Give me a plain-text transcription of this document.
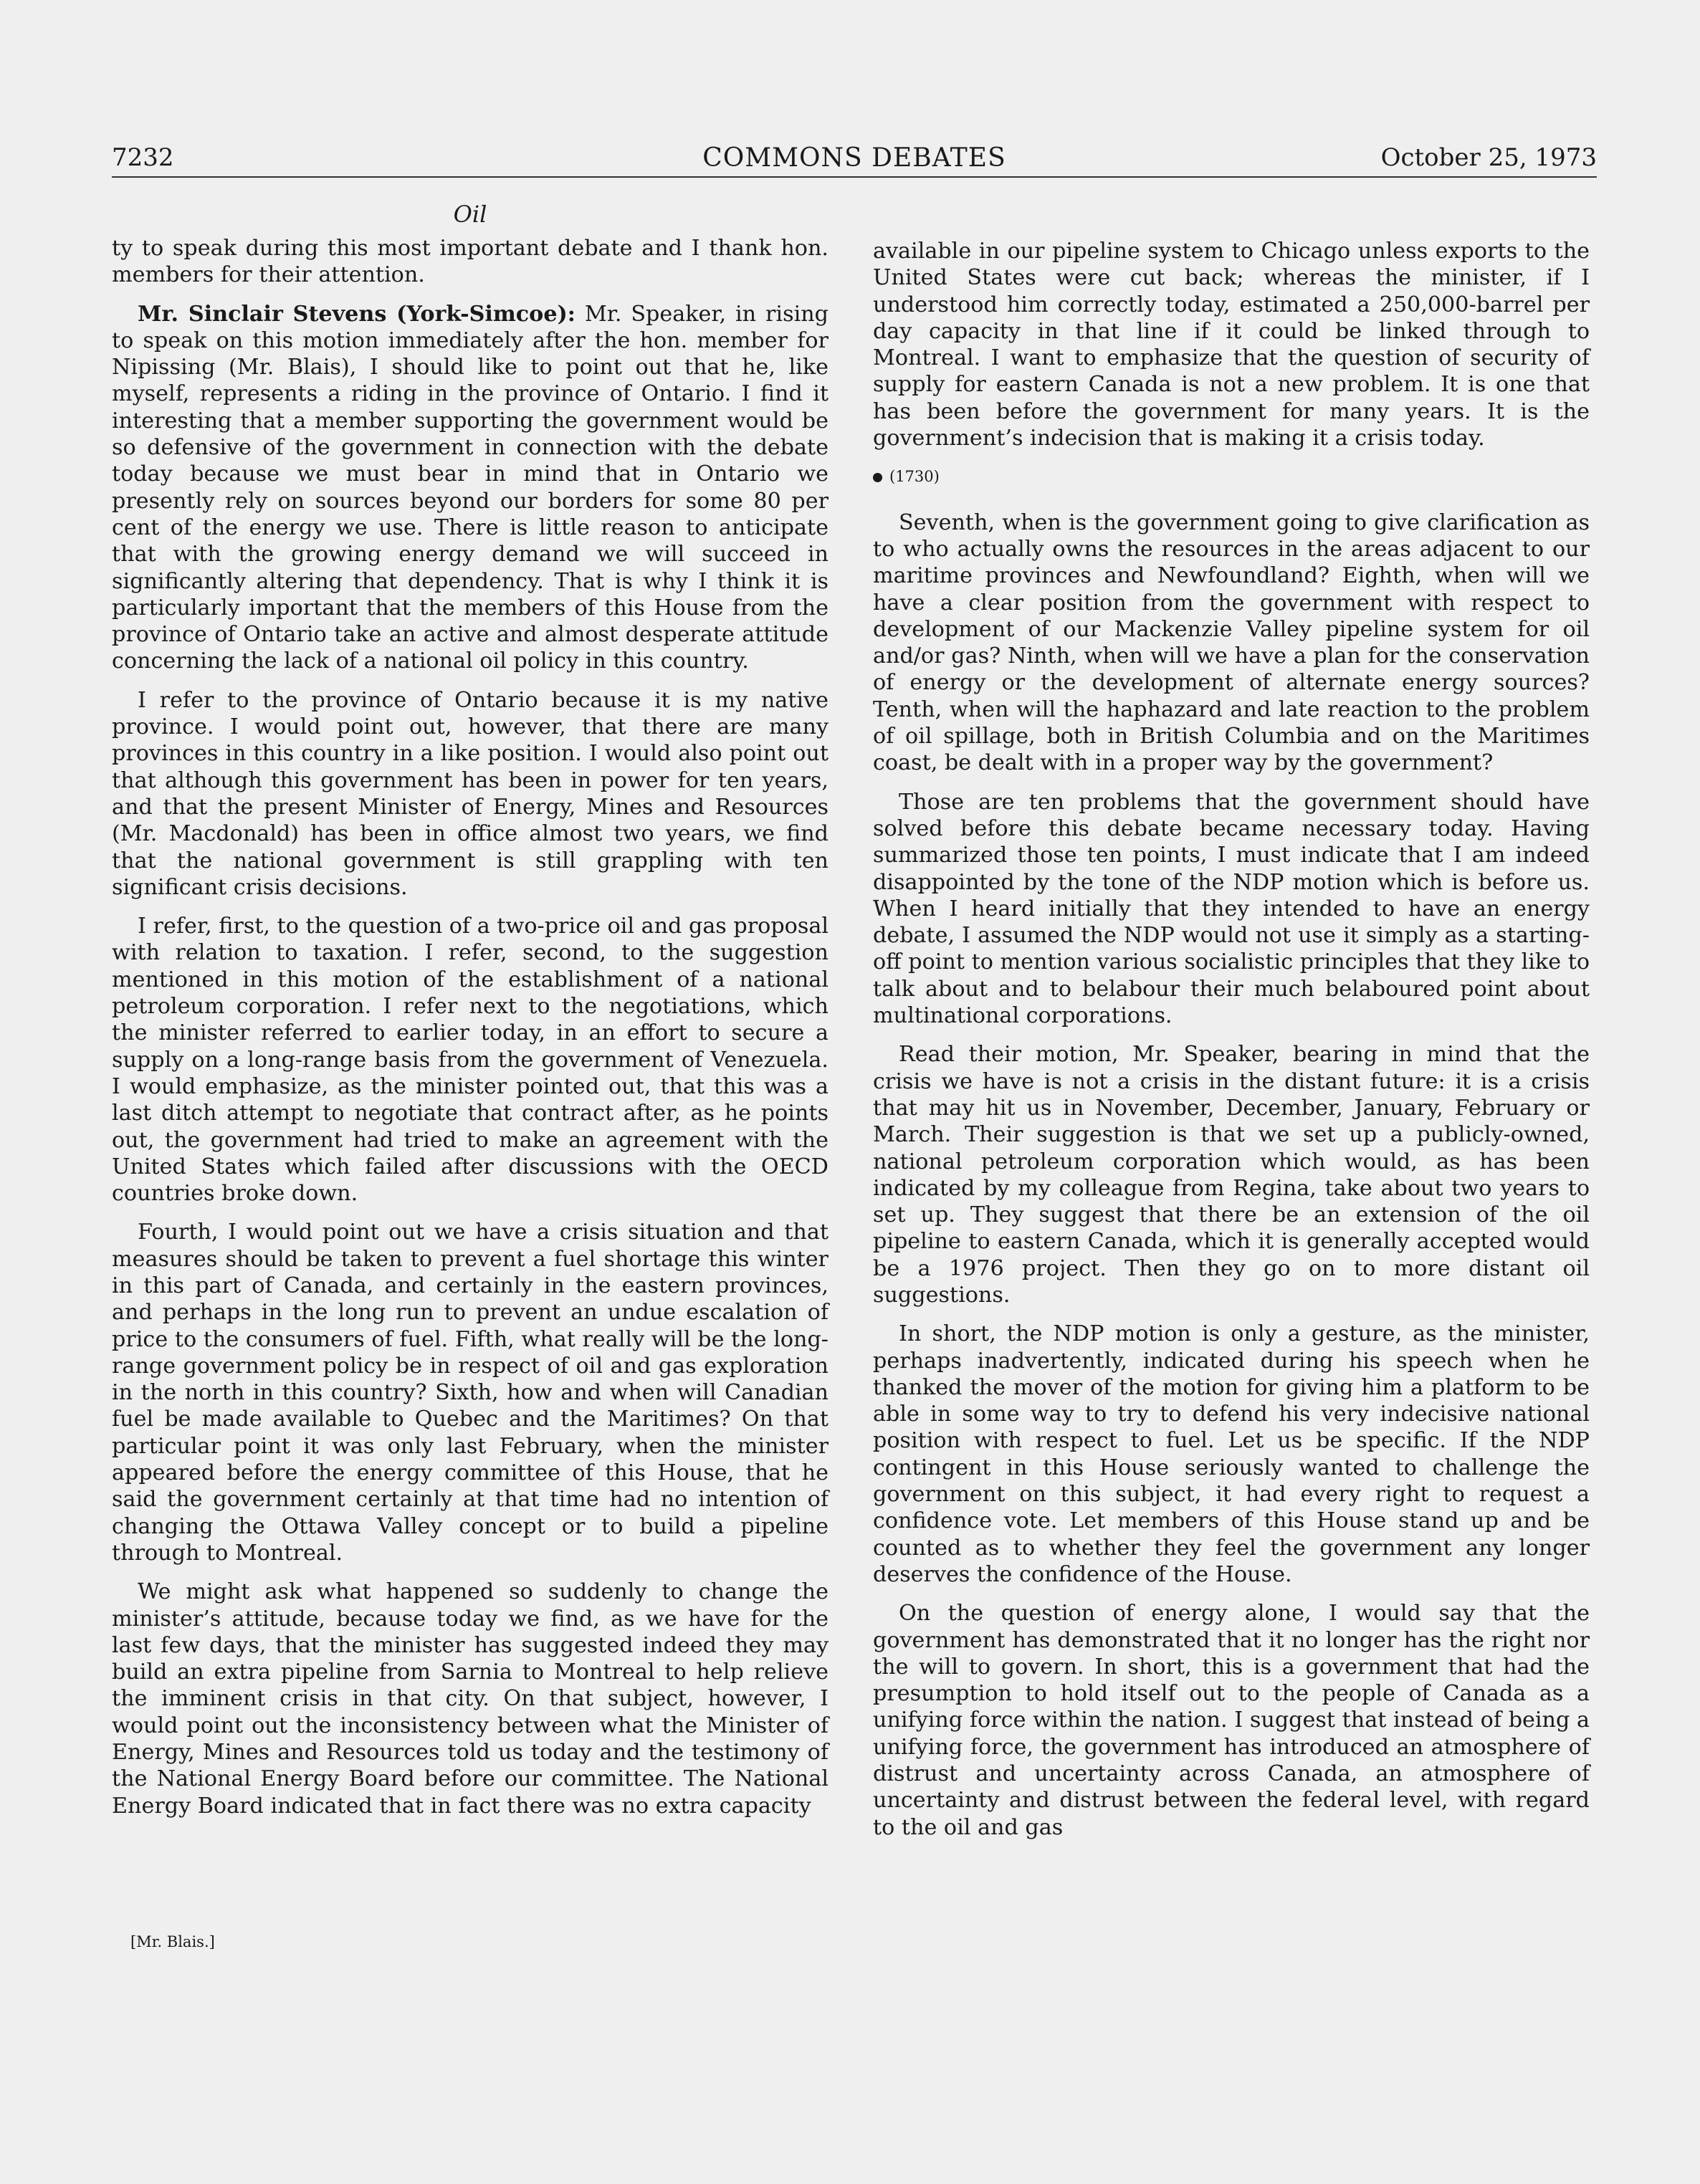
7232	COMMONS DEBATES	October 25, 1973
Oil

ty to speak during this most important debate and I thank hon. members for their attention.

Mr. Sinclair Stevens (York-Simcoe): Mr. Speaker, in rising to speak on this motion immediately after the hon. member for Nipissing (Mr. Blais), I should like to point out that he, like myself, represents a riding in the province of Ontario. I find it interesting that a member supporting the government would be so defensive of the government in connection with the debate today because we must bear in mind that in Ontario we presently rely on sources beyond our borders for some 80 per cent of the energy we use. There is little reason to anticipate that with the growing energy demand we will succeed in significantly altering that dependency. That is why I think it is particularly important that the members of this House from the province of Ontario take an active and almost desperate attitude concerning the lack of a national oil policy in this country.

I refer to the province of Ontario because it is my native province. I would point out, however, that there are many provinces in this country in a like position. I would also point out that although this government has been in power for ten years, and that the present Minister of Energy, Mines and Resources (Mr. Macdonald) has been in office almost two years, we find that the national government is still grappling with ten significant crisis decisions.

I refer, first, to the question of a two-price oil and gas proposal with relation to taxation. I refer, second, to the suggestion mentioned in this motion of the establishment of a national petroleum corporation. I refer next to the negotiations, which the minister referred to earlier today, in an effort to secure a supply on a long-range basis from the government of Venezuela. I would emphasize, as the minister pointed out, that this was a last ditch attempt to negotiate that contract after, as he points out, the government had tried to make an agreement with the United States which failed after discussions with the OECD countries broke down.

Fourth, I would point out we have a crisis situation and that measures should be taken to prevent a fuel shortage this winter in this part of Canada, and certainly in the eastern provinces, and perhaps in the long run to prevent an undue escalation of price to the consumers of fuel. Fifth, what really will be the long-range government policy be in respect of oil and gas exploration in the north in this country? Sixth, how and when will Canadian fuel be made available to Quebec and the Maritimes? On that particular point it was only last February, when the minister appeared before the energy committee of this House, that he said the government certainly at that time had no intention of changing the Ottawa Valley concept or to build a pipeline through to Montreal.

We might ask what happened so suddenly to change the minister’s attitude, because today we find, as we have for the last few days, that the minister has suggested indeed they may build an extra pipeline from Sarnia to Montreal to help relieve the imminent crisis in that city. On that subject, however, I would point out the inconsistency between what the Minister of Energy, Mines and Resources told us today and the testimony of the National Energy Board before our committee. The National Energy Board indicated that in fact there was no extra capacity

[Mr. Blais.]

available in our pipeline system to Chicago unless exports to the United States were cut back; whereas the minister, if I understood him correctly today, estimated a 250,000-barrel per day capacity in that line if it could be linked through to Montreal. I want to emphasize that the question of security of supply for eastern Canada is not a new problem. It is one that has been before the government for many years. It is the government’s indecision that is making it a crisis today.

(1730)

Seventh, when is the government going to give clarification as to who actually owns the resources in the areas adjacent to our maritime provinces and Newfoundland? Eighth, when will we have a clear position from the government with respect to development of our Mackenzie Valley pipeline system for oil and/or gas? Ninth, when will we have a plan for the conservation of energy or the development of alternate energy sources? Tenth, when will the haphazard and late reaction to the problem of oil spillage, both in British Columbia and on the Maritimes coast, be dealt with in a proper way by the government?

Those are ten problems that the government should have solved before this debate became necessary today. Having summarized those ten points, I must indicate that I am indeed disappointed by the tone of the NDP motion which is before us. When I heard initially that they intended to have an energy debate, I assumed the NDP would not use it simply as a starting-off point to mention various socialistic principles that they like to talk about and to belabour their much belaboured point about multinational corporations.

Read their motion, Mr. Speaker, bearing in mind that the crisis we have is not a crisis in the distant future: it is a crisis that may hit us in November, December, January, February or March. Their suggestion is that we set up a publicly-owned, national petroleum corporation which would, as has been indicated by my colleague from Regina, take about two years to set up. They suggest that there be an extension of the oil pipeline to eastern Canada, which it is generally accepted would be a 1976 project. Then they go on to more distant oil suggestions.

In short, the NDP motion is only a gesture, as the minister, perhaps inadvertently, indicated during his speech when he thanked the mover of the motion for giving him a platform to be able in some way to try to defend his very indecisive national position with respect to fuel. Let us be specific. If the NDP contingent in this House seriously wanted to challenge the government on this subject, it had every right to request a confidence vote. Let members of this House stand up and be counted as to whether they feel the government any longer deserves the confidence of the House.

On the question of energy alone, I would say that the government has demonstrated that it no longer has the right nor the will to govern. In short, this is a government that had the presumption to hold itself out to the people of Canada as a unifying force within the nation. I suggest that instead of being a unifying force, the government has introduced an atmosphere of distrust and uncertainty across Canada, an atmosphere of uncertainty and distrust between the federal level, with regard to the oil and gas
